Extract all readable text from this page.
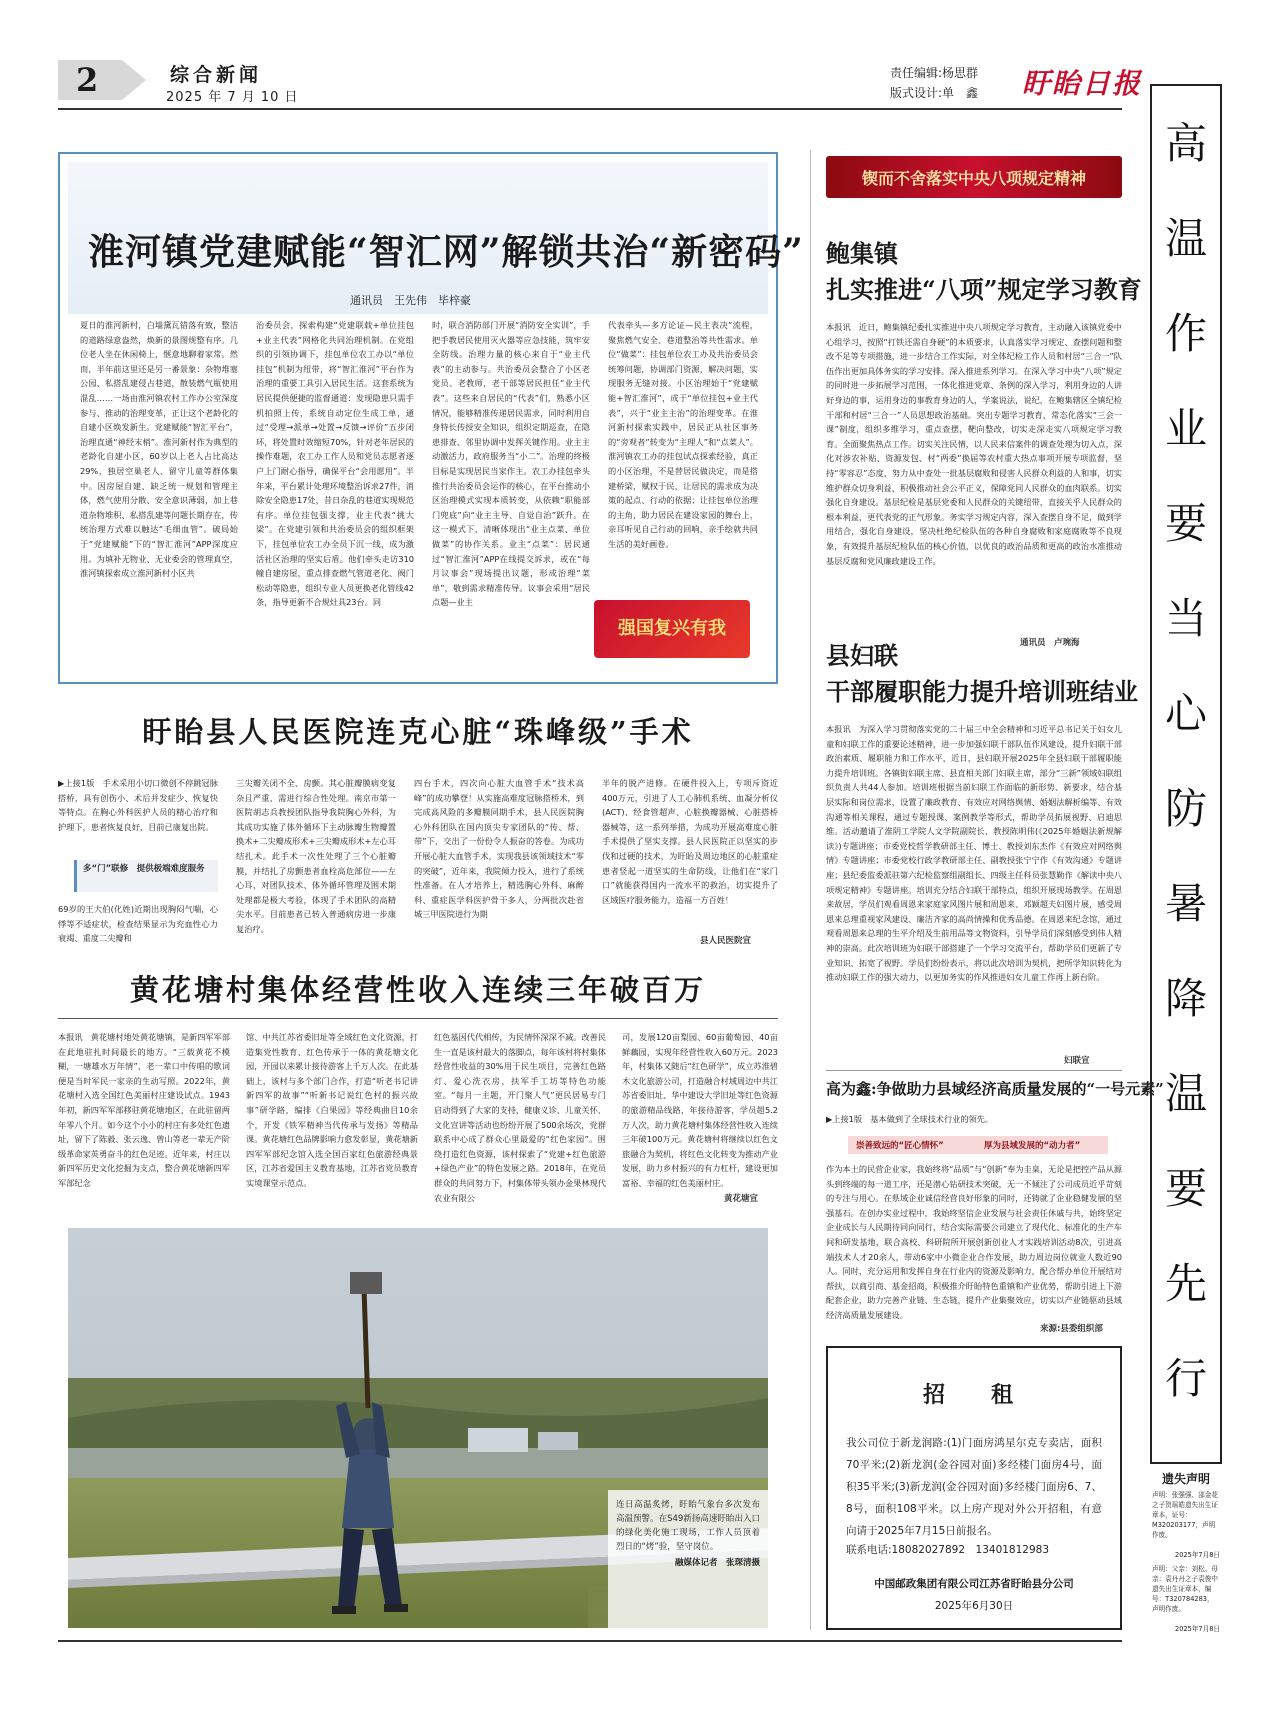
2	综合新闻
2025 年 7 月 10 日
责任编辑:杨思群
版式设计:单　鑫 盱眙日报
淮河镇党建赋能“智汇网”解锁共治“新密码”
通讯员　王先伟　毕梓豪
夏日的淮河新村，白墙黛瓦错落有致，整洁的道路绿意盎然，焕新的景图规整有序。几位老人坐在休闲椅上，惬意地聊着家常。然而，半年前这里还是另一番景象：杂物堆塞公园、私搭乱建侵占巷道，散装燃气瓶使用混乱……一场由淮河镇农村工作办公室深度参与、推动的治理变革，正让这个老龄化的自建小区焕发新生。党建赋能“智汇平台”，治理直通“神经末梢”。淮河新村作为典型的老龄化自建小区，60岁以上老人占比高达29%，独居空巢老人、留守儿童等群体集中。因房屋自建、缺乏统一规划和管理主体，燃气使用分散、安全意识薄弱，加上巷道杂物堆积、私搭乱建等问题长期存在，传统治理方式难以触达“毛细血管”。破局始于“党建赋能”下的“智汇淮河”APP深度应用。为填补无物业、无业委会的管理真空，淮河镇探索成立淮河新村小区共
治委员会，探索构建“党建联载+单位挂包+业主代表”网格化共同治理机制。在党组织的引领协调下，挂包单位农工办以“单位挂包”机制为纽带，将“智汇淮河”平台作为治理的重要工具引入居民生活。这套系统为居民提供便捷的监督通道：发现隐患只需手机拍照上传，系统自动定位生成工单，通过“受理→派单→处置→反馈→评价”五步闭环，将处置时效缩短70%，针对老年居民的操作难题，农工办工作人员和党员志愿者逐户上门耐心指导，确保平台“会用愿用”。半年来，平台累计处理环境整治诉求27件，消除安全隐患17处，昔日杂乱的巷道实现规范有序。单位挂包强支撑，业主代表“挑大梁”。在党建引领和共治委员会的组织框架下，挂包单位农工办全员下沉一线，成为激活社区治理的坚实后盾。他们牵头走访310幢自建房屋，重点排查燃气管道老化、阀门松动等隐患，组织专业人员更换老化管线42条，指导更新不合规灶具23台。同
时，联合消防部门开展“消防安全实训”，手把手教居民使用灭火器等应急技能，筑牢安全防线。治理力量的核心来自于“业主代表”的主动参与。共治委员会整合了小区老党员、老教师，老干部等居民担任“业主代表”。这些来自居民的“代表”们，熟悉小区情况，能够精准传递居民需求，同时利用自身特长传授安全知识，组织定期巡查，在隐患排查、邻里协调中发挥关键作用。业主主动激活力，政府服务当“小二”。治理的终极目标是实现居民当家作主。农工办挂包牵头推行共治委员会运作的核心，在平台推动小区治理模式实现本质转变，从依赖“职能部门兜底”向“业主主导、自觉自治”跃升。在这一模式下，清晰体现出“业主点菜、单位做菜”的协作关系。业主“点菜”：居民通过“智汇淮河”APP在线提交诉求，或在“每月议事会”现场提出议题，形成治理“菜单”，敬到需求精准传导。议事会采用“居民点题—业主
代表牵头—多方论证—民主表决”流程，聚焦燃气安全、巷道整治等共性需求。单位“做菜”：挂包单位农工办及共治委员会统筹问题，协调部门资源，解决问题，实现服务无缝对接。小区治理始于“党建赋能+智汇淮河”，成于“单位挂包+业主代表”，兴于“业主主治”的治理变革。在淮河新村探索实践中，居民正从社区事务的“旁观者”转变为“主理人”和“点菜人”。淮河镇农工办的挂包试点探索经验，真正的小区治理，不是替居民做决定，而是搭建桥梁，赋权于民，让居民的需求成为决策的起点、行动的依据；让挂包单位治理的主角，助力居民在建设家园的舞台上，亲耳听见自己行动的回响，亲手绘就共同生活的美好画卷。
强国复兴有我
盱眙县人民医院连克心脏“珠峰级”手术
▶上接1版　手术采用小切口微创不停跳冠脉搭桥，具有创伤小、术后并发症少、恢复快等特点。在胸心外科医护人员的精心治疗和护理下，患者恢复良好，目前已康复出院。
多“门”联修　提供极端难度服务
69岁的王大伯(化姓)近期出现胸闷气喘，心悸等不适症状，检查结果显示为充血性心力衰竭、重度二尖瓣和
三尖瓣关闭不全、房颤。其心脏瓣膜病变复杂且严重，需进行综合性处理。南京市第一医院胡志兵教授团队指导我院胸心外科，为其成功实施了体外循环下主动脉瓣生物瓣置换术+二尖瓣成形术+三尖瓣成形术+左心耳结扎术。此手术一次性处理了三个心脏瓣膜，并结扎了房颤患者血栓高危部位——左心耳，对团队技术、体外循环管理及围术期处理都是极大考验，体现了手术团队的高精尖水平。目前患者已转入普通病房进一步康复治疗。
四台手术，四次向心脏大血管手术“技术高峰”的成功攀登！从实施高难度冠脉搭桥术，到完成高风险的多瓣膜同期手术，县人民医院胸心外科团队在国内顶尖专家团队的“传、帮、带”下，交出了一份份令人振奋的答卷。为成功开展心脏大血管手术，实现我县该领域技术“零的突破”，近年来，我院倾力投入，进行了系统性准备。在人才培养上，精选胸心外科、麻醉科、重症医学科医护骨干多人，分两批次赴省城三甲医院进行为期
半年的脱产进修。在硬件投入上，专项斥资近400万元，引进了人工心肺机系统、血凝分析仪(ACT)、经食管超声、心脏换瓣器械、心脏搭桥器械等，这一系列举措，为成功开展高难度心脏手术提供了坚实支撑。县人民医院正以坚实的步伐和过硬的技术，为盱眙及周边地区的心脏重症患者竖起一道坚实的生命防线，让他们在“家门口”就能获得国内一流水平的救治，切实提升了区域医疗服务能力，造福一方百姓！
县人民医院宣
黄花塘村集体经营性收入连续三年破百万
本报讯　黄花塘村地处黄花塘镇，是新四军军部在此地驻扎时间最长的地方。“三载黄花不模糊，一塘雄水万年情”，老一辈口中传唱的歌词便是当时军民一家亲的生动写照。2022年，黄花塘村入选全国红色美丽村庄建设试点。1943年初，新四军军部移驻黄花塘地区，在此驻留两年零八个月。如今这个小小的村庄有多处红色遗址，留下了陈毅、张云逸、曾山等老一辈无产阶级革命家英勇奋斗的红色足迹。近年来，村庄以新四军历史文化挖掘为支点，整合黄花塘新四军军部纪念
馆、中共江苏省委旧址等全域红色文化资源，打造集党性教育、红色传承于一体的黄花塘文化园，开园以来累计接待游客上千万人次。在此基础上，该村与多个部门合作，打造“听老书记讲新四军的故事”“听新书记说红色村的振兴故事”研学路，编排《白果园》等经典曲目10余个，开发《铁军精神当代传承与发扬》等精品课。黄花塘红色品牌影响力愈发彰显，黄花塘新四军军部纪念馆入选全国百家红色旅游经典景区，江苏省爱国主义教育基地，江苏省党员教育实境课堂示范点。
红色基因代代相传，为民情怀深深不减。改善民生一直是该村最大的落脚点，每年该村将村集体经营性收益的30%用于民生项目，完善红色路灯、爱心洗衣房，扶军手工坊等特色功能室。“每月一主题，开门聚人气”更民居易专门启动得到了大家的支持，健康义诊、儿童关怀、文化宣讲等活动也纷纷开展了500余场次，党群联系中心成了群众心里最爱的“红色家园”。围绕打造红色资源，该村探索了“党建+红色旅游+绿色产业”的特色发展之路。2018年，在党员群众的共同努力下，村集体带头领办金果林现代农业有限公
司，发展120亩梨园、60亩葡萄园、40亩鲜藕园，实现年经营性收入60万元。2023年，村集体又随后“红色研学”，成立苏淮碧木文化旅游公司，打造融合村域周边中共江苏省委旧址、华中建设大学旧址等红色资源的旅游精品线路，年接待游客，学员超5.2万人次，助力黄花塘村集体经营性收入连续三年破100万元。黄花塘村将继续以红色文旅融合为契机，将红色文化转变为推动产业发展，助力乡村振兴的有力杠杆，建设更加富裕、幸福的红色美丽村庄。
黄花塘宣
连日高温炙烤，盱眙气象台多次发布高温预警。在S49新扬高速盱眙出入口的绿化美化施工现场，工作人员顶着烈日的“烤”验，坚守岗位。
融媒体记者　张琛清摄
锲而不舍落实中央八项规定精神
鲍集镇
扎实推进“八项”规定学习教育
本报讯　近日，鲍集镇纪委扎实推进中央八项规定学习教育，主动融入该镇党委中心组学习，按照“打铁还需自身硬”的本质要求，认真落实学习规定、查摆问题和整改不足等专项措施，进一步结合工作实际，对全体纪检工作人员和村居“三合一”队伍作出更加具体务实的学习安排。深入推进系列学习。在深入学习中央“八项”规定的同时进一步拓展学习范围，一体化推进党章、条例的深入学习，利用身边的人讲好身边的事，运用身边的事教育身边的人，学案说法，说纪，在鲍集辖区全镇纪检干部和村居“三合一”人员思想政治基础。突出专题学习教育，常态化落实“三会一课”制度，组织多维学习，重点查摆，靶向整改，切实走深走实八项规定学习教育。全面聚焦热点工作。切实关注民情，以人民来信案件的调查处理为切入点，深化对涉农补贴、资源发包、村“两委”换届等农村重大热点事项开展专项监督，坚持“零容忍”态度，努力从中查处一批基层腐败和侵害人民群众利益的人和事，切实维护群众切身利益，积极推动社会公平正义，保障党同人民群众的血肉联系。切实强化自身建设。基层纪检是基层党委和人民群众的关键纽带，直接关乎人民群众的根本利益，更代表党的正气形象。务实学习规定内容，深入查摆自身不足，做到学用结合，强化自身建设，坚决杜绝纪检队伍的各种自身腐败和家庭腐败等不良现象，有效提升基层纪检队伍的核心价值，以优良的政治品质和更高的政治水准推动基层反腐和党风廉政建设工作。
通讯员　卢琬海
县妇联
干部履职能力提升培训班结业
本报讯　为深入学习贯彻落实党的二十届三中全会精神和习近平总书记关于妇女儿童和妇联工作的重要论述精神，进一步加强妇联干部队伍作风建设，提升妇联干部政治素质、履职能力和工作水平，近日，县妇联开展2025年全县妇联干部履职能力提升培训班。各镇街妇联主席、县直相关部门妇联主席，部分“三新”领域妇联组织负责人共44人参加。培训班根据当前妇联工作面临的新形势、新要求，结合基层实际和岗位需求，设置了廉政教育、有效应对网络舆情、婚姻法解析编等、有效沟通等相关课程，通过专题授课、案例教学等形式，帮助学员拓展视野、启迪思维。活动邀请了淮阴工学院人文学院副院长、教授陈明伟(《2025年婚姻法新规解读》)专题讲座；市委党校哲学教研部主任、博士、教授刘东杰作《有效应对网络舆情》专题讲座；市委党校行政学教研部主任、副教授张宁宁作《有效沟通》专题讲座；县纪委监委派驻第六纪检监察组副组长、四级主任科员张慧勤作《解读中央八项规定精神》专题讲座。培训充分结合妇联干部特点，组织开展现场教学。在周恩来故居，学员们观看周恩来家庭家风图片展和周恩来、邓颖超夫妇图片展，感受周恩来总理重视家风建设、廉洁齐家的高尚情操和优秀品德。在周恩来纪念馆，通过观看周恩来总理的生平介绍及生前用品等文物资料，引导学员们深刻感受到伟人精神的崇高。此次培训班为妇联干部搭建了一个学习交流平台，帮助学员们更新了专业知识、拓宽了视野。学员们纷纷表示，将以此次培训为契机，把所学知识转化为推动妇联工作的强大动力，以更加务实的作风推进妇女儿童工作再上新台阶。
妇联宣
高为鑫:争做助力县域经济高质量发展的“一号元素”
▶上接1版　基本做到了全球技术行业的领先。
崇善致远的“匠心情怀”	厚为县域发展的“动力者”
作为本土的民营企业家，我始终将“品质”与“创新”奉为圭臬，无论是把控产品从源头到终端的每一道工序，还是潜心钻研技术突破，无一不倾注了公司成员近乎苛刻的专注与用心。在県域企业诚信经营良好形象的同时，还铸就了企业稳健发展的坚强基石。在创办实业过程中，我始终坚信企业发展与社会责任休戚与共，始终坚定企业成长与人民期待同向同行，结合实际需要公司建立了现代化、标准化的生产车间和研发基地，联合高校、科研院所开展创新创业人才实践培训活动8次，引进高端技术人才20余人，带动6家中小微企业合作发展，助力周边岗位就业人数近90人。同时，充分运用和发挥自身在行业内的资源及影响力，配合帮办单位开展结对帮扶，以商引商、基金招商，积极推介盱眙特色重镇和产业优势，帮助引进上下游配套企业，助力完善产业链、生态链，提升产业集聚效应，切实以产业链驱动县域经济高质量发展建设。
来源:县委组织部
招　租
我公司位于新龙润路:(1)门面房鸿星尔克专卖店，面积70平米;(2)新龙润(金谷园对面)多经楼门面房4号，面积35平米;(3)新龙润(金谷园对面)多经楼门面房6、7、8号，面积108平米。以上房产现对外公开招租，有意向请于2025年7月15日前报名。
联系电话:18082027892　13401812983
中国邮政集团有限公司江苏省盱眙县分公司
2025年6月30日
高
温
作
业
要
当
心
防
暑
降
温
要
先
行
遗失声明
声明：张强强、邵金花之子贺瑶皓遗失出生证章本，证号：M320203177，声明作废。
2025年7月8日
声明：父亲：刘松、母亲：袁丹丹之子袁俊中遗失出生证章本，编号：T320784283，声明作废。
2025年7月8日
